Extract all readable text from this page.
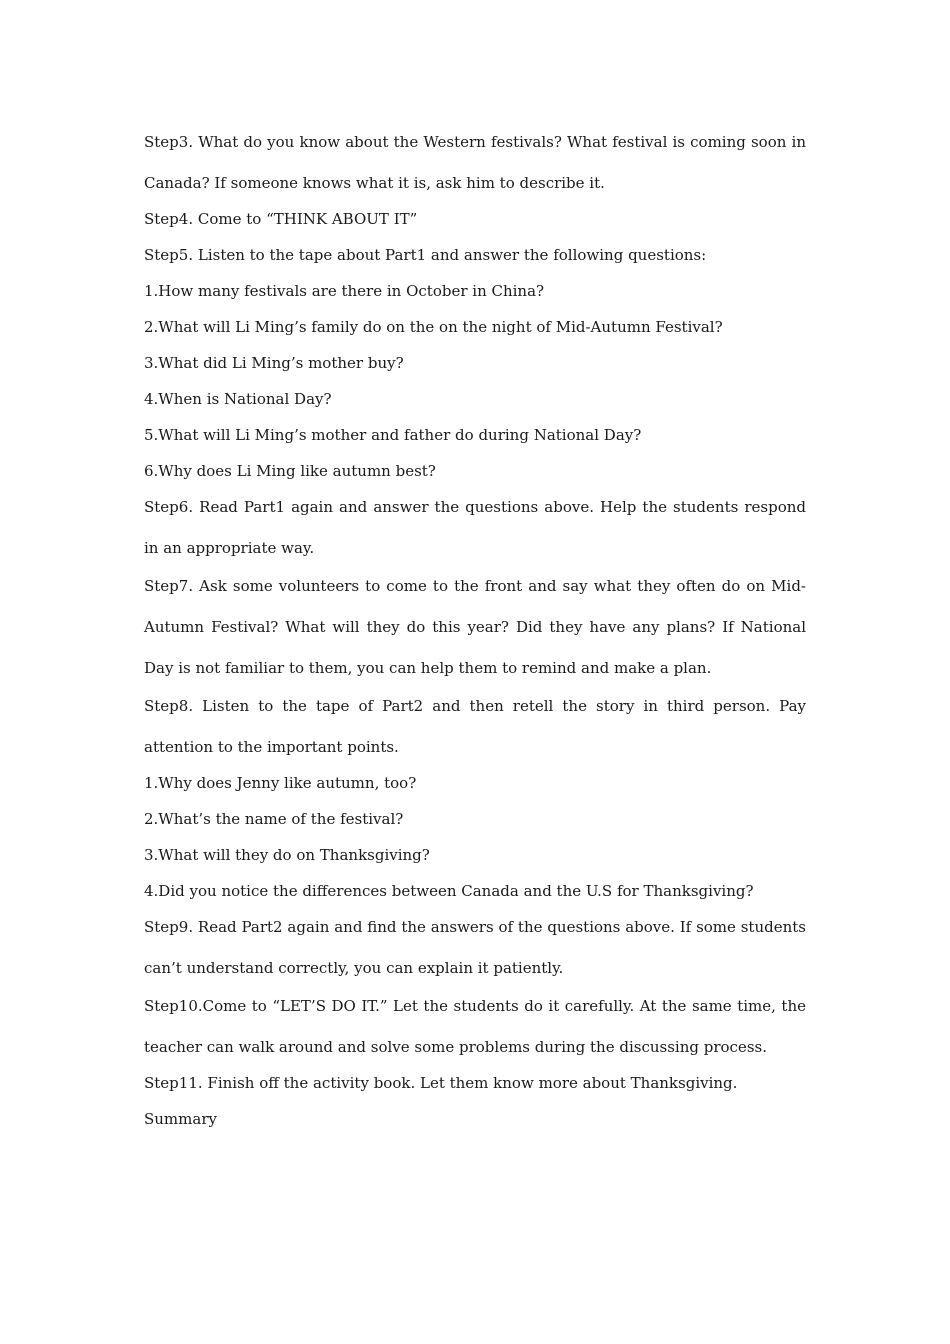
Step3. What do you know about the Western festivals? What festival is coming soon in Canada? If someone knows what it is, ask him to describe it.

Step4. Come to “THINK ABOUT IT”

Step5. Listen to the tape about Part1 and answer the following questions:

1.How many festivals are there in October in China?

2.What will Li Ming’s family do on the on the night of Mid-Autumn Festival?

3.What did Li Ming’s mother buy?

4.When is National Day?

5.What will Li Ming’s mother and father do during National Day?

6.Why does Li Ming like autumn best?

Step6. Read Part1 again and answer the questions above. Help the students respond in an appropriate way.

Step7. Ask some volunteers to come to the front and say what they often do on Mid-Autumn Festival? What will they do this year? Did they have any plans? If National Day is not familiar to them, you can help them to remind and make a plan.

Step8. Listen to the tape of Part2 and then retell the story in third person. Pay attention to the important points.

1.Why does Jenny like autumn, too?

2.What’s the name of the festival?

3.What will they do on Thanksgiving?

4.Did you notice the differences between Canada and the U.S for Thanksgiving?

Step9. Read Part2 again and find the answers of the questions above. If some students can’t understand correctly, you can explain it patiently.

Step10.Come to “LET’S DO IT.” Let the students do it carefully. At the same time, the teacher can walk around and solve some problems during the discussing process.

Step11. Finish off the activity book. Let them know more about Thanksgiving.

Summary
